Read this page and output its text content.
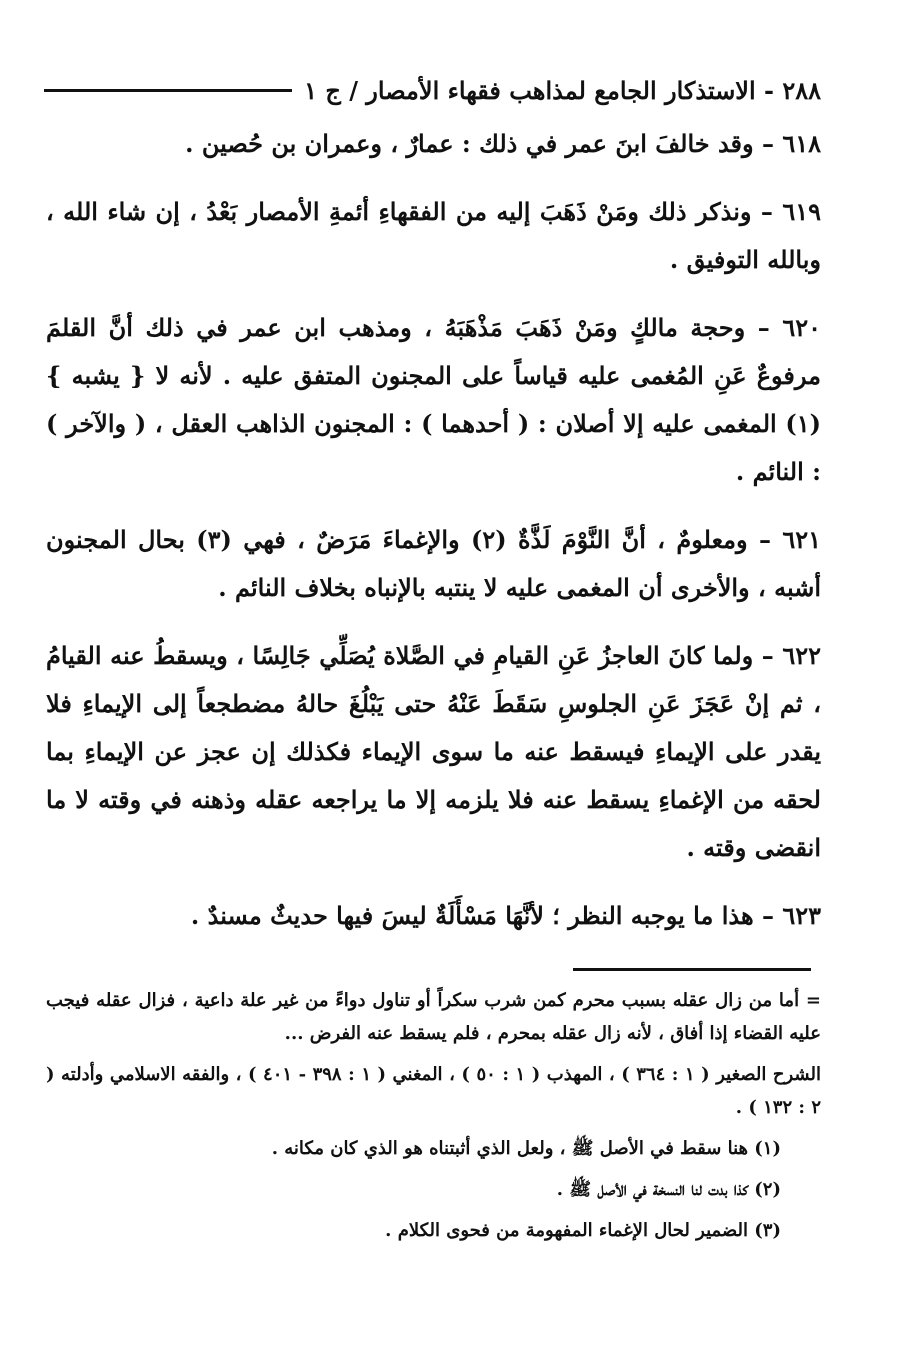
٢٨٨ - الاستذكار الجامع لمذاهب فقهاء الأمصار / ج ١

٦١٨ – وقد خالفَ ابنَ عمر في ذلك : عمارٌ ، وعمران بن حُصين .

٦١٩ – ونذكر ذلك ومَنْ ذَهَبَ إليه من الفقهاءِ أئمةِ الأمصار بَعْدُ ، إن شاء الله ، وبالله التوفيق .

٦٢٠ – وحجة مالكٍ ومَنْ ذَهَبَ مَذْهَبَهُ ، ومذهب ابن عمر في ذلك أنَّ القلمَ مرفوعٌ عَنِ المُغمى عليه قياساً على المجنون المتفق عليه . لأنه لا { يشبه } (١) المغمى عليه إلا أصلان : ( أحدهما ) : المجنون الذاهب العقل ، ( والآخر ) : النائم .

٦٢١ – ومعلومٌ ، أنَّ النَّوْمَ لَذَّةٌ (٢) والإغماءَ مَرَضٌ ، فهي (٣) بحال المجنون أشبه ، والأخرى أن المغمى عليه لا ينتبه بالإنباه بخلاف النائم .

٦٢٢ – ولما كانَ العاجزُ عَنِ القيامِ في الصَّلاة يُصَلِّي جَالِسًا ، ويسقطُ عنه القيامُ ، ثم إنْ عَجَزَ عَنِ الجلوسِ سَقَطَ عَنْهُ حتى يَبْلُغَ حالهُ مضطجعاً إلى الإيماءِ فلا يقدر على الإيماءِ فيسقط عنه ما سوى الإيماء فكذلك إن عجز عن الإيماءِ بما لحقه من الإغماءِ يسقط عنه فلا يلزمه إلا ما يراجعه عقله وذهنه في وقته لا ما انقضى وقته .

٦٢٣ – هذا ما يوجبه النظر ؛ لأنَّهَا مَسْأَلَةٌ ليسَ فيها حديثٌ مسندٌ .

= أما من زال عقله بسبب محرم كمن شرب سكراً أو تناول دواءً من غير علة داعية ، فزال عقله فيجب عليه القضاء إذا أفاق ، لأنه زال عقله بمحرم ، فلم يسقط عنه الفرض ...

الشرح الصغير ( ١ : ٣٦٤ ) ، المهذب ( ١ : ٥٠ ) ، المغني ( ١ : ٣٩٨ - ٤٠١ ) ، والفقه الاسلامي وأدلته ( ٢ : ١٣٢ ) .

(١) هنا سقط في الأصل ﷺ ، ولعل الذي أثبتناه هو الذي كان مكانه .

(٢) كذا بدت لنا النسخة في الأصل ﷺ .

(٣) الضمير لحال الإغماء المفهومة من فحوى الكلام .
